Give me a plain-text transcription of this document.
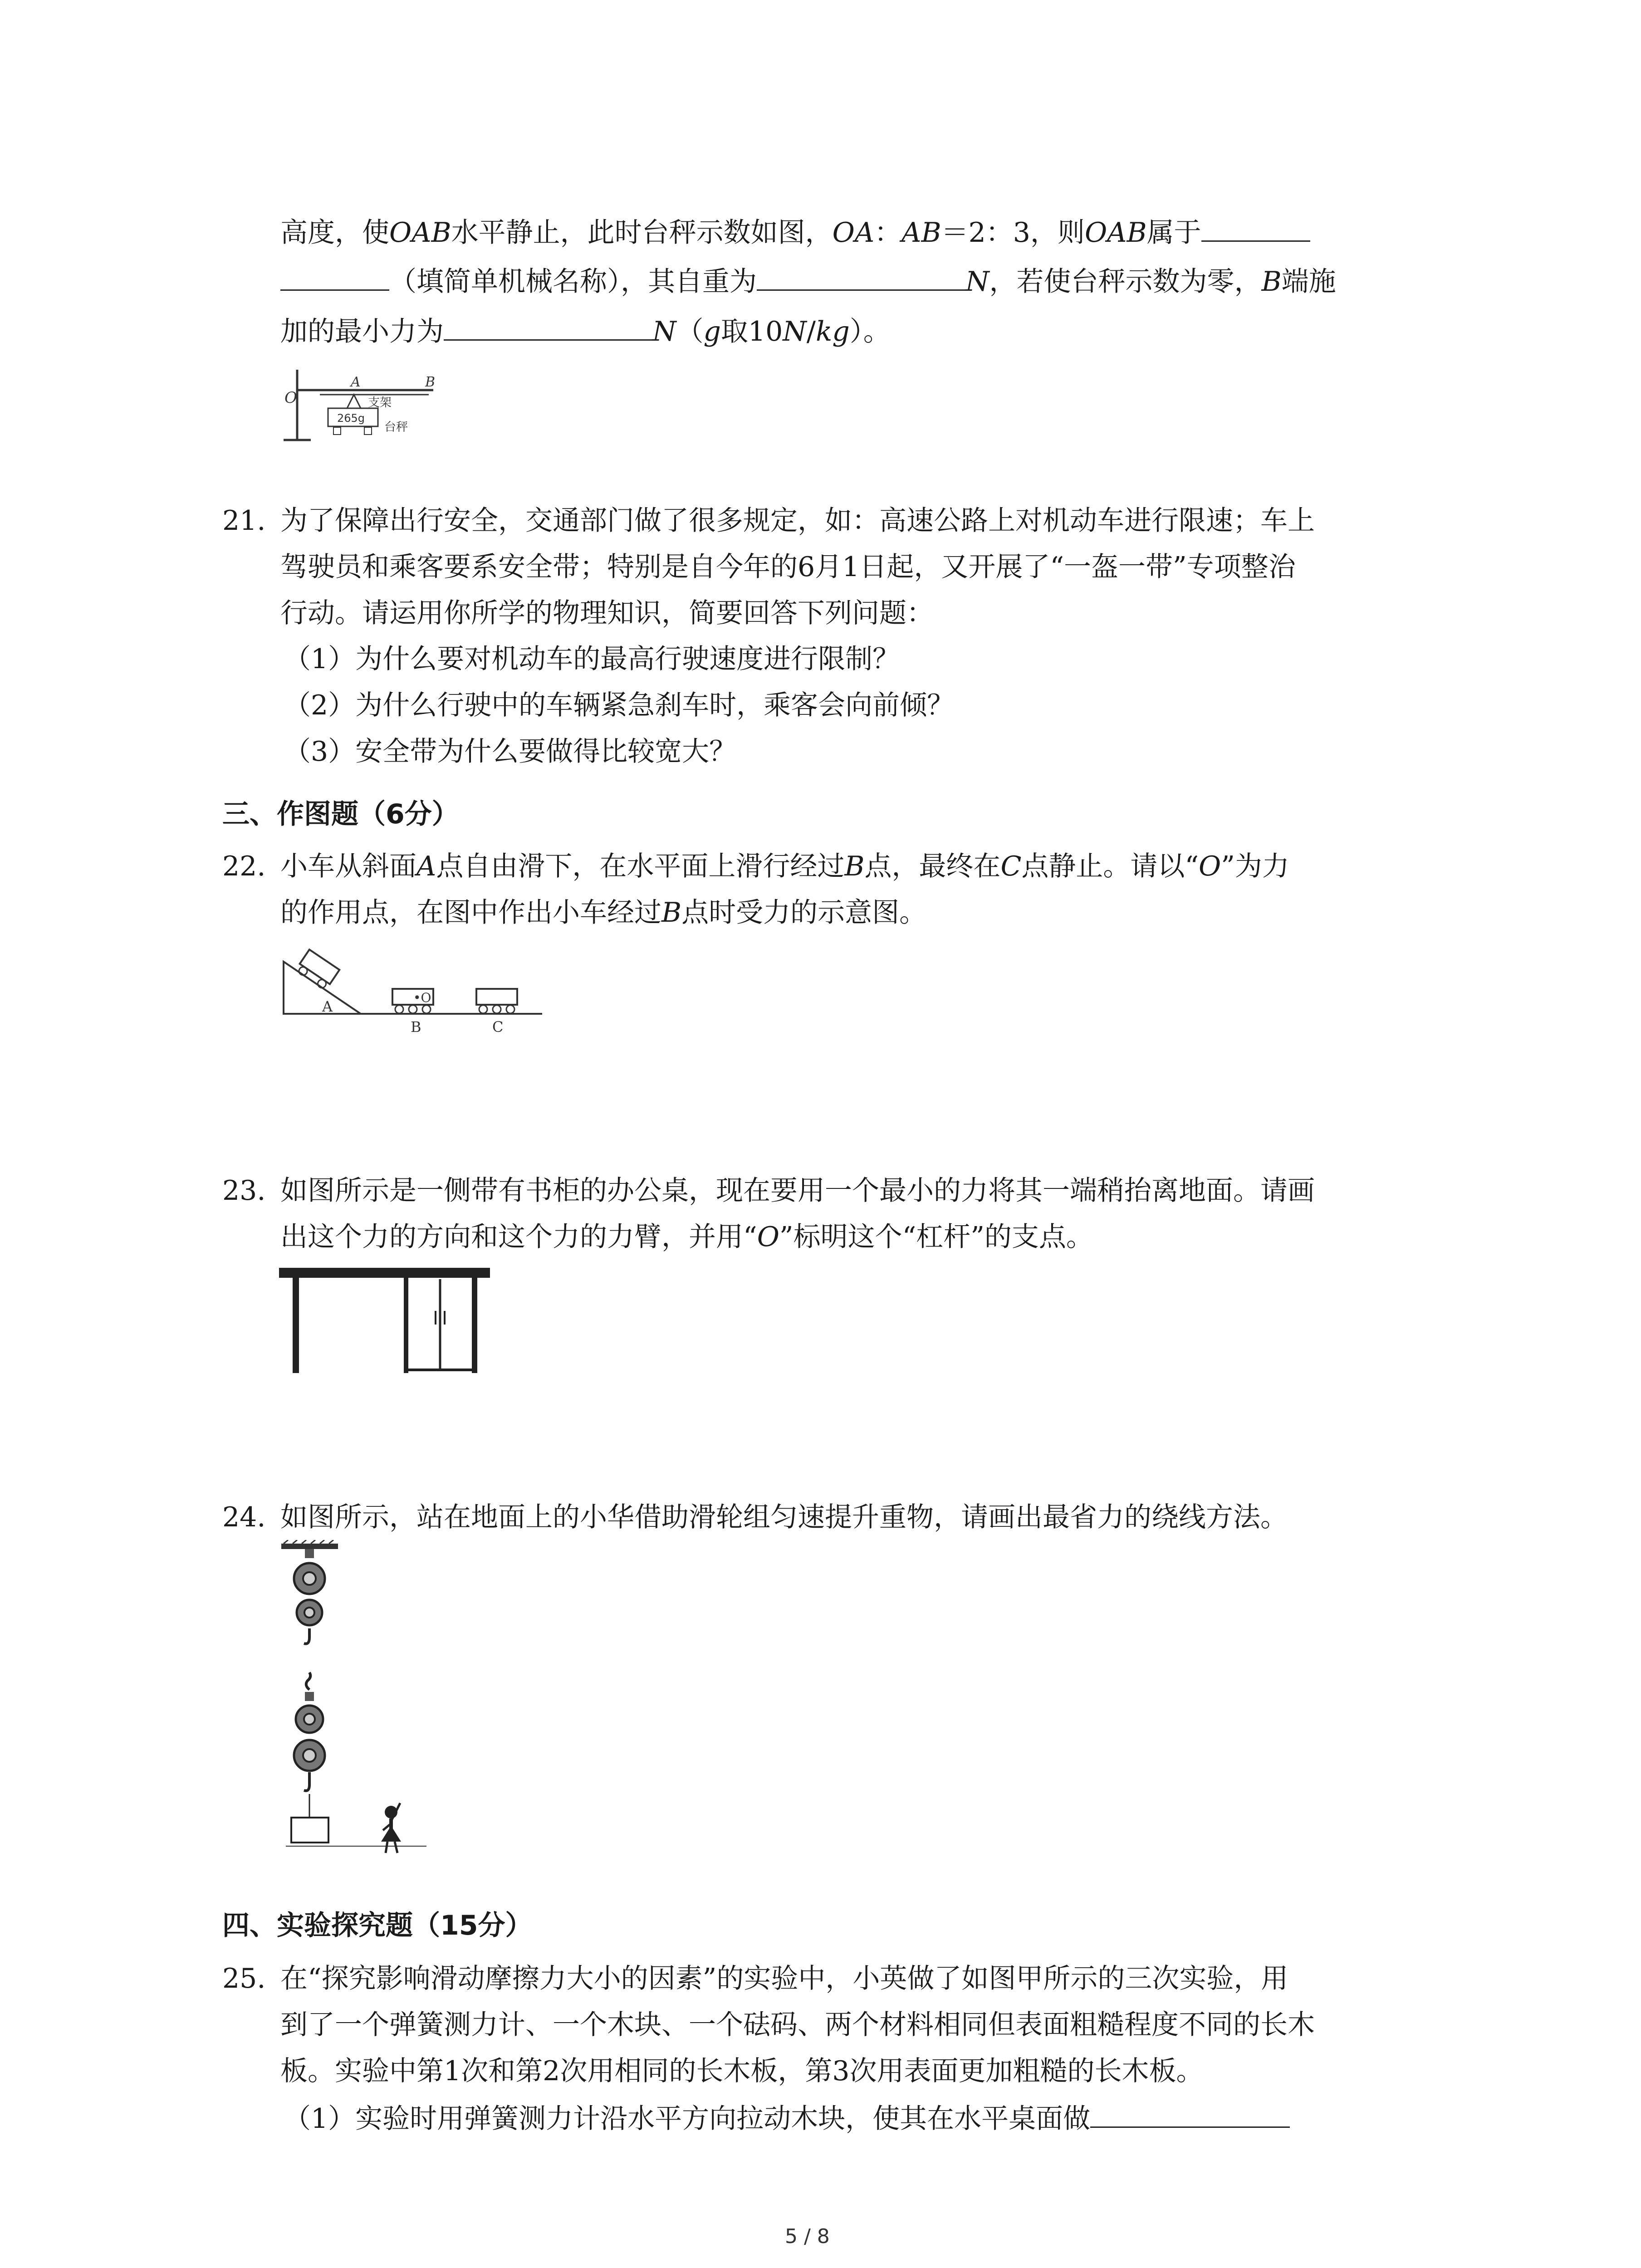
高度，使OAB水平静止，此时台秤示数如图，OA：AB＝2：3，则OAB属于
（填简单机械名称），其自重为	N，若使台秤示数为零，B端施
加的最小力为	N（g取10N/kg）。
O
A	B
支架
265g
台秤
21. 为了保障出行安全，交通部门做了很多规定，如：高速公路上对机动车进行限速；车上
驾驶员和乘客要系安全带；特别是自今年的6月1日起，又开展了“一盔一带”专项整治
行动。请运用你所学的物理知识，简要回答下列问题：
（1）为什么要对机动车的最高行驶速度进行限制？
（2）为什么行驶中的车辆紧急刹车时，乘客会向前倾？
（3）安全带为什么要做得比较宽大？
三、作图题（6分）
22. 小车从斜面A点自由滑下，在水平面上滑行经过B点，最终在C点静止。请以“O”为力
的作用点，在图中作出小车经过B点时受力的示意图。
•O
A
B	C
23. 如图所示是一侧带有书柜的办公桌，现在要用一个最小的力将其一端稍抬离地面。请画
出这个力的方向和这个力的力臂，并用“O”标明这个“杠杆”的支点。
24. 如图所示，站在地面上的小华借助滑轮组匀速提升重物，请画出最省力的绕线方法。
四、实验探究题（15分）
25. 在“探究影响滑动摩擦力大小的因素”的实验中，小英做了如图甲所示的三次实验，用
到了一个弹簧测力计、一个木块、一个砝码、两个材料相同但表面粗糙程度不同的长木
板。实验中第1次和第2次用相同的长木板，第3次用表面更加粗糙的长木板。
（1）实验时用弹簧测力计沿水平方向拉动木块，使其在水平桌面做
5 / 8
